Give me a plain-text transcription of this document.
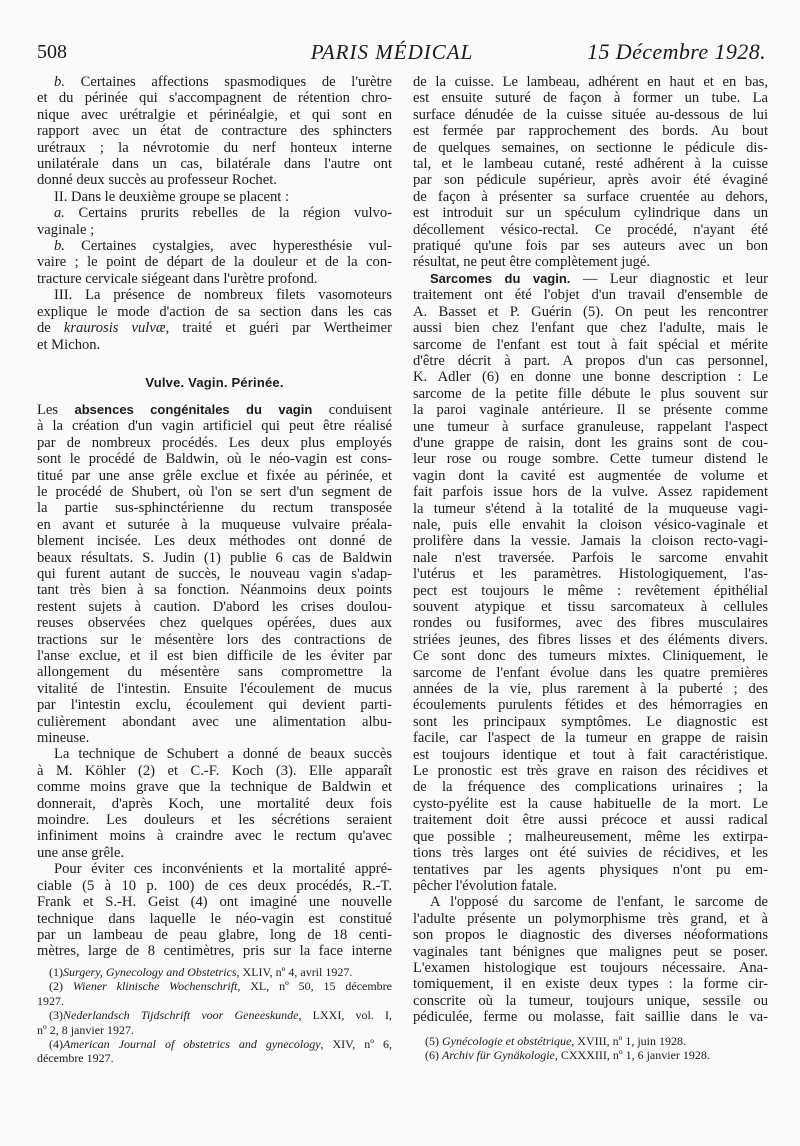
508	PARIS MÉDICAL	15 Décembre 1928.
b. Certaines affections spasmodiques de l'urètre
et du périnée qui s'accompagnent de rétention chro-
nique avec urétralgie et périnéalgie, et qui sont en
rapport avec un état de contracture des sphincters
urétraux ; la névrotomie du nerf honteux interne
unilatérale dans un cas, bilatérale dans l'autre ont
donné deux succès au professeur Rochet.
II. Dans le deuxième groupe se placent :
a. Certains prurits rebelles de la région vulvo-
vaginale ;
b. Certaines cystalgies, avec hyperesthésie vul-
vaire ; le point de départ de la douleur et de la con-
tracture cervicale siégeant dans l'urètre profond.
III. La présence de nombreux filets vasomoteurs
explique le mode d'action de sa section dans les cas
de kraurosis vulvæ, traité et guéri par Wertheimer
et Michon.
Vulve. Vagin. Périnée.
Les absences congénitales du vagin conduisent
à la création d'un vagin artificiel qui peut être réalisé
par de nombreux procédés. Les deux plus employés
sont le procédé de Baldwin, où le néo-vagin est cons-
titué par une anse grêle exclue et fixée au périnée, et
le procédé de Shubert, où l'on se sert d'un segment de
la partie sus-sphinctérienne du rectum transposée
en avant et suturée à la muqueuse vulvaire préala-
blement incisée. Les deux méthodes ont donné de
beaux résultats. S. Judin (1) publie 6 cas de Baldwin
qui furent autant de succès, le nouveau vagin s'adap-
tant très bien à sa fonction. Néanmoins deux points
restent sujets à caution. D'abord les crises doulou-
reuses observées chez quelques opérées, dues aux
tractions sur le mésentère lors des contractions de
l'anse exclue, et il est bien difficile de les éviter par
allongement du mésentère sans compromettre la
vitalité de l'intestin. Ensuite l'écoulement de mucus
par l'intestin exclu, écoulement qui devient parti-
culièrement abondant avec une alimentation albu-
mineuse.
La technique de Schubert a donné de beaux succès
à M. Köhler (2) et C.-F. Koch (3). Elle apparaît
comme moins grave que la technique de Baldwin et
donnerait, d'après Koch, une mortalité deux fois
moindre. Les douleurs et les sécrétions seraient
infiniment moins à craindre avec le rectum qu'avec
une anse grêle.
Pour éviter ces inconvénients et la mortalité appré-
ciable (5 à 10 p. 100) de ces deux procédés, R.-T.
Frank et S.-H. Geist (4) ont imaginé une nouvelle
technique dans laquelle le néo-vagin est constitué
par un lambeau de peau glabre, long de 18 centi-
mètres, large de 8 centimètres, pris sur la face interne
de la cuisse. Le lambeau, adhérent en haut et en bas,
est ensuite suturé de façon à former un tube. La
surface dénudée de la cuisse située au-dessous de lui
est fermée par rapprochement des bords. Au bout
de quelques semaines, on sectionne le pédicule dis-
tal, et le lambeau cutané, resté adhérent à la cuisse
par son pédicule supérieur, après avoir été évaginé
de façon à présenter sa surface cruentée au dehors,
est introduit sur un spéculum cylindrique dans un
décollement vésico-rectal. Ce procédé, n'ayant été
pratiqué qu'une fois par ses auteurs avec un bon
résultat, ne peut être complètement jugé.
Sarcomes du vagin. — Leur diagnostic et leur
traitement ont été l'objet d'un travail d'ensemble de
A. Basset et P. Guérin (5). On peut les rencontrer
aussi bien chez l'enfant que chez l'adulte, mais le
sarcome de l'enfant est tout à fait spécial et mérite
d'être décrit à part. A propos d'un cas personnel,
K. Adler (6) en donne une bonne description : Le
sarcome de la petite fille débute le plus souvent sur
la paroi vaginale antérieure. Il se présente comme
une tumeur à surface granuleuse, rappelant l'aspect
d'une grappe de raisin, dont les grains sont de cou-
leur rose ou rouge sombre. Cette tumeur distend le
vagin dont la cavité est augmentée de volume et
fait parfois issue hors de la vulve. Assez rapidement
la tumeur s'étend à la totalité de la muqueuse vagi-
nale, puis elle envahit la cloison vésico-vaginale et
prolifère dans la vessie. Jamais la cloison recto-vagi-
nale n'est traversée. Parfois le sarcome envahit
l'utérus et les paramètres. Histologiquement, l'as-
pect est toujours le même : revêtement épithélial
souvent atypique et tissu sarcomateux à cellules
rondes ou fusiformes, avec des fibres musculaires
striées jeunes, des fibres lisses et des éléments divers.
Ce sont donc des tumeurs mixtes. Cliniquement, le
sarcome de l'enfant évolue dans les quatre premières
années de la vie, plus rarement à la puberté ; des
écoulements purulents fétides et des hémorragies en
sont les principaux symptômes. Le diagnostic est
facile, car l'aspect de la tumeur en grappe de raisin
est toujours identique et tout à fait caractéristique.
Le pronostic est très grave en raison des récidives et
de la fréquence des complications urinaires ; la
cysto-pyélite est la cause habituelle de la mort. Le
traitement doit être aussi précoce et aussi radical
que possible ; malheureusement, même les extirpa-
tions très larges ont été suivies de récidives, et les
tentatives par les agents physiques n'ont pu em-
pêcher l'évolution fatale.
A l'opposé du sarcome de l'enfant, le sarcome de
l'adulte présente un polymorphisme très grand, et à
son propos le diagnostic des diverses néoformations
vaginales tant bénignes que malignes peut se poser.
L'examen histologique est toujours nécessaire. Ana-
tomiquement, il en existe deux types : la forme cir-
conscrite où la tumeur, toujours unique, sessile ou
pédiculée, ferme ou molasse, fait saillie dans le va-
(1)Surgery, Gynecology and Obstetrics, XLIV, nº 4, avril 1927.
(2) Wiener klinische Wochenschrift, XL, nº 50, 15 décembre
1927.
(3)Nederlandsch Tijdschrift voor Geneeskunde, LXXI, vol. I,
nº 2, 8 janvier 1927.
(4)American Journal of obstetrics and gynecology, XIV, nº 6,
décembre 1927.
(5) Gynécologie et obstétrique, XVIII, nº 1, juin 1928.
(6) Archiv für Gynäkologie, CXXXIII, nº 1, 6 janvier 1928.
